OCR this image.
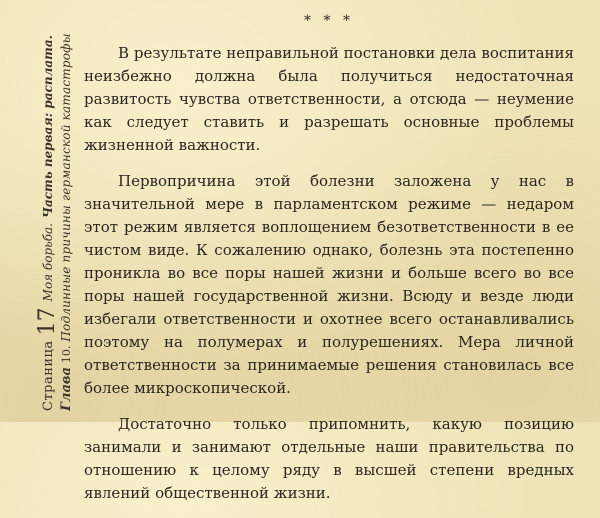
Страница
17
Моя борьба.
Часть первая: расплата.
Глава
10.
Подлинные причины германской катастрофы
* * *

В результате неправильной постановки дела воспитания неизбежно должна была получиться недостаточная развитость чувства ответственности, а отсюда — неумение как следует ставить и разрешать основные проблемы жизненной важности.

Первопричина этой болезни заложена у нас в значительной мере в парламентском режиме — недаром этот режим является воплощением безответственности в ее чистом виде. К сожалению однако, болезнь эта постепенно проникла во все поры нашей жизни и больше всего во все поры нашей государственной жизни. Всюду и везде люди избегали ответственности и охотнее всего останавливались поэтому на полумерах и полурешениях. Мера личной ответственности за принимаемые решения становилась все более микроскопической.

Достаточно только припомнить, какую позицию занимали и занимают отдельные наши правительства по отношению к целому ряду в высшей степени вредных явлений общественной жизни.
